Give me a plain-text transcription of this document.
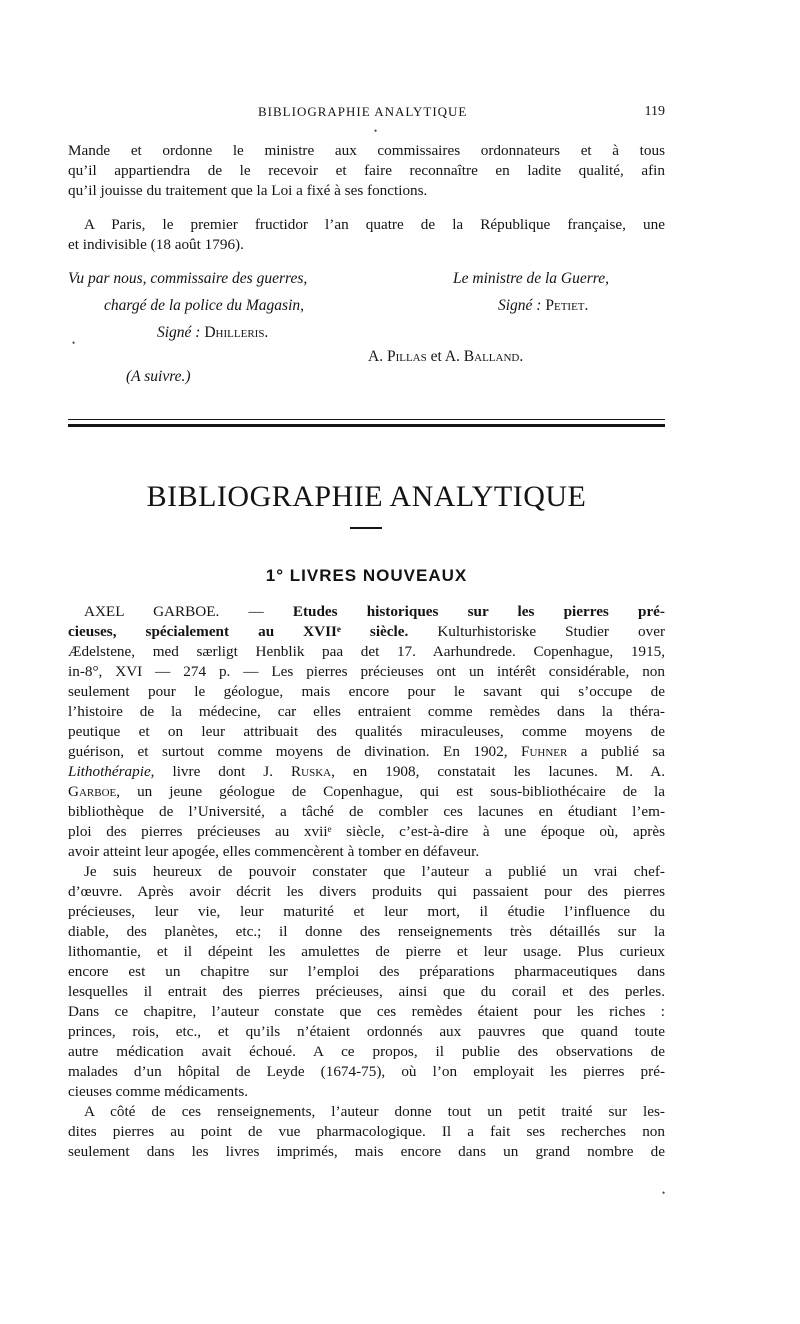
BIBLIOGRAPHIE ANALYTIQUE	119
•
Mande et ordonne le ministre aux commissaires ordonnateurs et à tous
qu’il appartiendra de le recevoir et faire reconnaître en ladite qualité, afin
qu’il jouisse du traitement que la Loi a fixé à ses fonctions.
A Paris, le premier fructidor l’an quatre de la République française, une
et indivisible (18 août 1796).
Vu par nous, commissaire des guerres,
chargé de la police du Magasin,
Signé : Dhilleris.
Le ministre de la Guerre,
Signé : Petiet.
A. Pillas et A. Balland.
(A suivre.)
•
BIBLIOGRAPHIE ANALYTIQUE
1° LIVRES NOUVEAUX
AXEL GARBOE. — Etudes historiques sur les pierres pré-
cieuses, spécialement au XVIIᵉ siècle. Kulturhistoriske Studier over
Ædelstene, med særligt Henblik paa det 17. Aarhundrede. Copenhague, 1915,
in-8°, XVI — 274 p. — Les pierres précieuses ont un intérêt considérable, non
seulement pour le géologue, mais encore pour le savant qui s’occupe de
l’histoire de la médecine, car elles entraient comme remèdes dans la théra-
peutique et on leur attribuait des qualités miraculeuses, comme moyens de
guérison, et surtout comme moyens de divination. En 1902, Fuhner a publié sa
Lithothérapie, livre dont J. Ruska, en 1908, constatait les lacunes. M. A.
Garboe, un jeune géologue de Copenhague, qui est sous-bibliothécaire de la
bibliothèque de l’Université, a tâché de combler ces lacunes en étudiant l’em-
ploi des pierres précieuses au xviiᵉ siècle, c’est-à-dire à une époque où, après
avoir atteint leur apogée, elles commencèrent à tomber en défaveur.
Je suis heureux de pouvoir constater que l’auteur a publié un vrai chef-
d’œuvre. Après avoir décrit les divers produits qui passaient pour des pierres
précieuses, leur vie, leur maturité et leur mort, il étudie l’influence du
diable, des planètes, etc.; il donne des renseignements très détaillés sur la
lithomantie, et il dépeint les amulettes de pierre et leur usage. Plus curieux
encore est un chapitre sur l’emploi des préparations pharmaceutiques dans
lesquelles il entrait des pierres précieuses, ainsi que du corail et des perles.
Dans ce chapitre, l’auteur constate que ces remèdes étaient pour les riches :
princes, rois, etc., et qu’ils n’étaient ordonnés aux pauvres que quand toute
autre médication avait échoué. A ce propos, il publie des observations de
malades d’un hôpital de Leyde (1674-75), où l’on employait les pierres pré-
cieuses comme médicaments.
A côté de ces renseignements, l’auteur donne tout un petit traité sur les-
dites pierres au point de vue pharmacologique. Il a fait ses recherches non
seulement dans les livres imprimés, mais encore dans un grand nombre de
•
